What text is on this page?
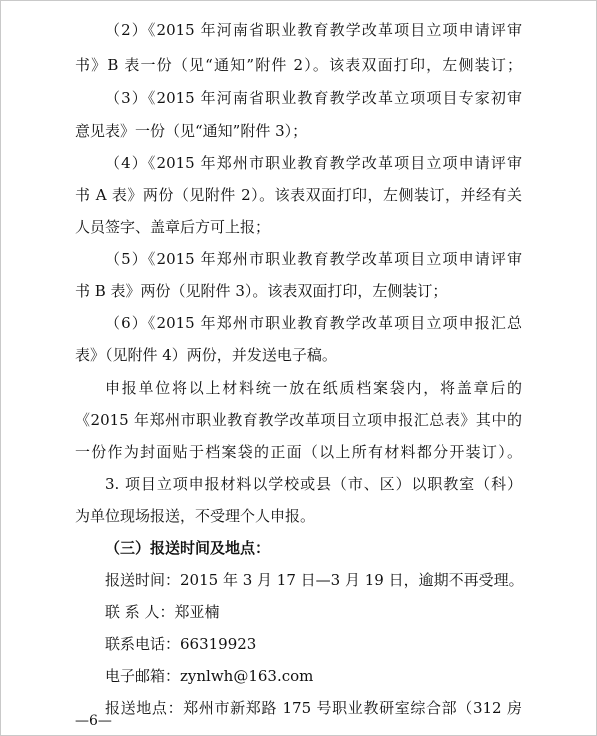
（2）《2015 年河南省职业教育教学改革项目立项申请评审
书》B 表一份（见“通知”附件 2）。该表双面打印，左侧装订；
（3）《2015 年河南省职业教育教学改革立项项目专家初审
意见表》一份（见“通知”附件 3）；
（4）《2015 年郑州市职业教育教学改革项目立项申请评审
书 A 表》两份（见附件 2）。该表双面打印，左侧装订，并经有关
人员签字、盖章后方可上报；
（5）《2015 年郑州市职业教育教学改革项目立项申请评审
书 B 表》两份（见附件 3）。该表双面打印，左侧装订；
（6）《2015 年郑州市职业教育教学改革项目立项申报汇总
表》（见附件 4）两份，并发送电子稿。
申报单位将以上材料统一放在纸质档案袋内，将盖章后的
《2015 年郑州市职业教育教学改革项目立项申报汇总表》其中的
一份作为封面贴于档案袋的正面（以上所有材料都分开装订）。
3. 项目立项申报材料以学校或县（市、区）以职教室（科）
为单位现场报送，不受理个人申报。
（三）报送时间及地点：
报送时间：2015 年 3 月 17 日—3 月 19 日，逾期不再受理。
联 系 人：郑亚楠
联系电话：66319923
电子邮箱：zynlwh@163.com
报送地点：郑州市新郑路 175 号职业教研室综合部（312 房
—6—
